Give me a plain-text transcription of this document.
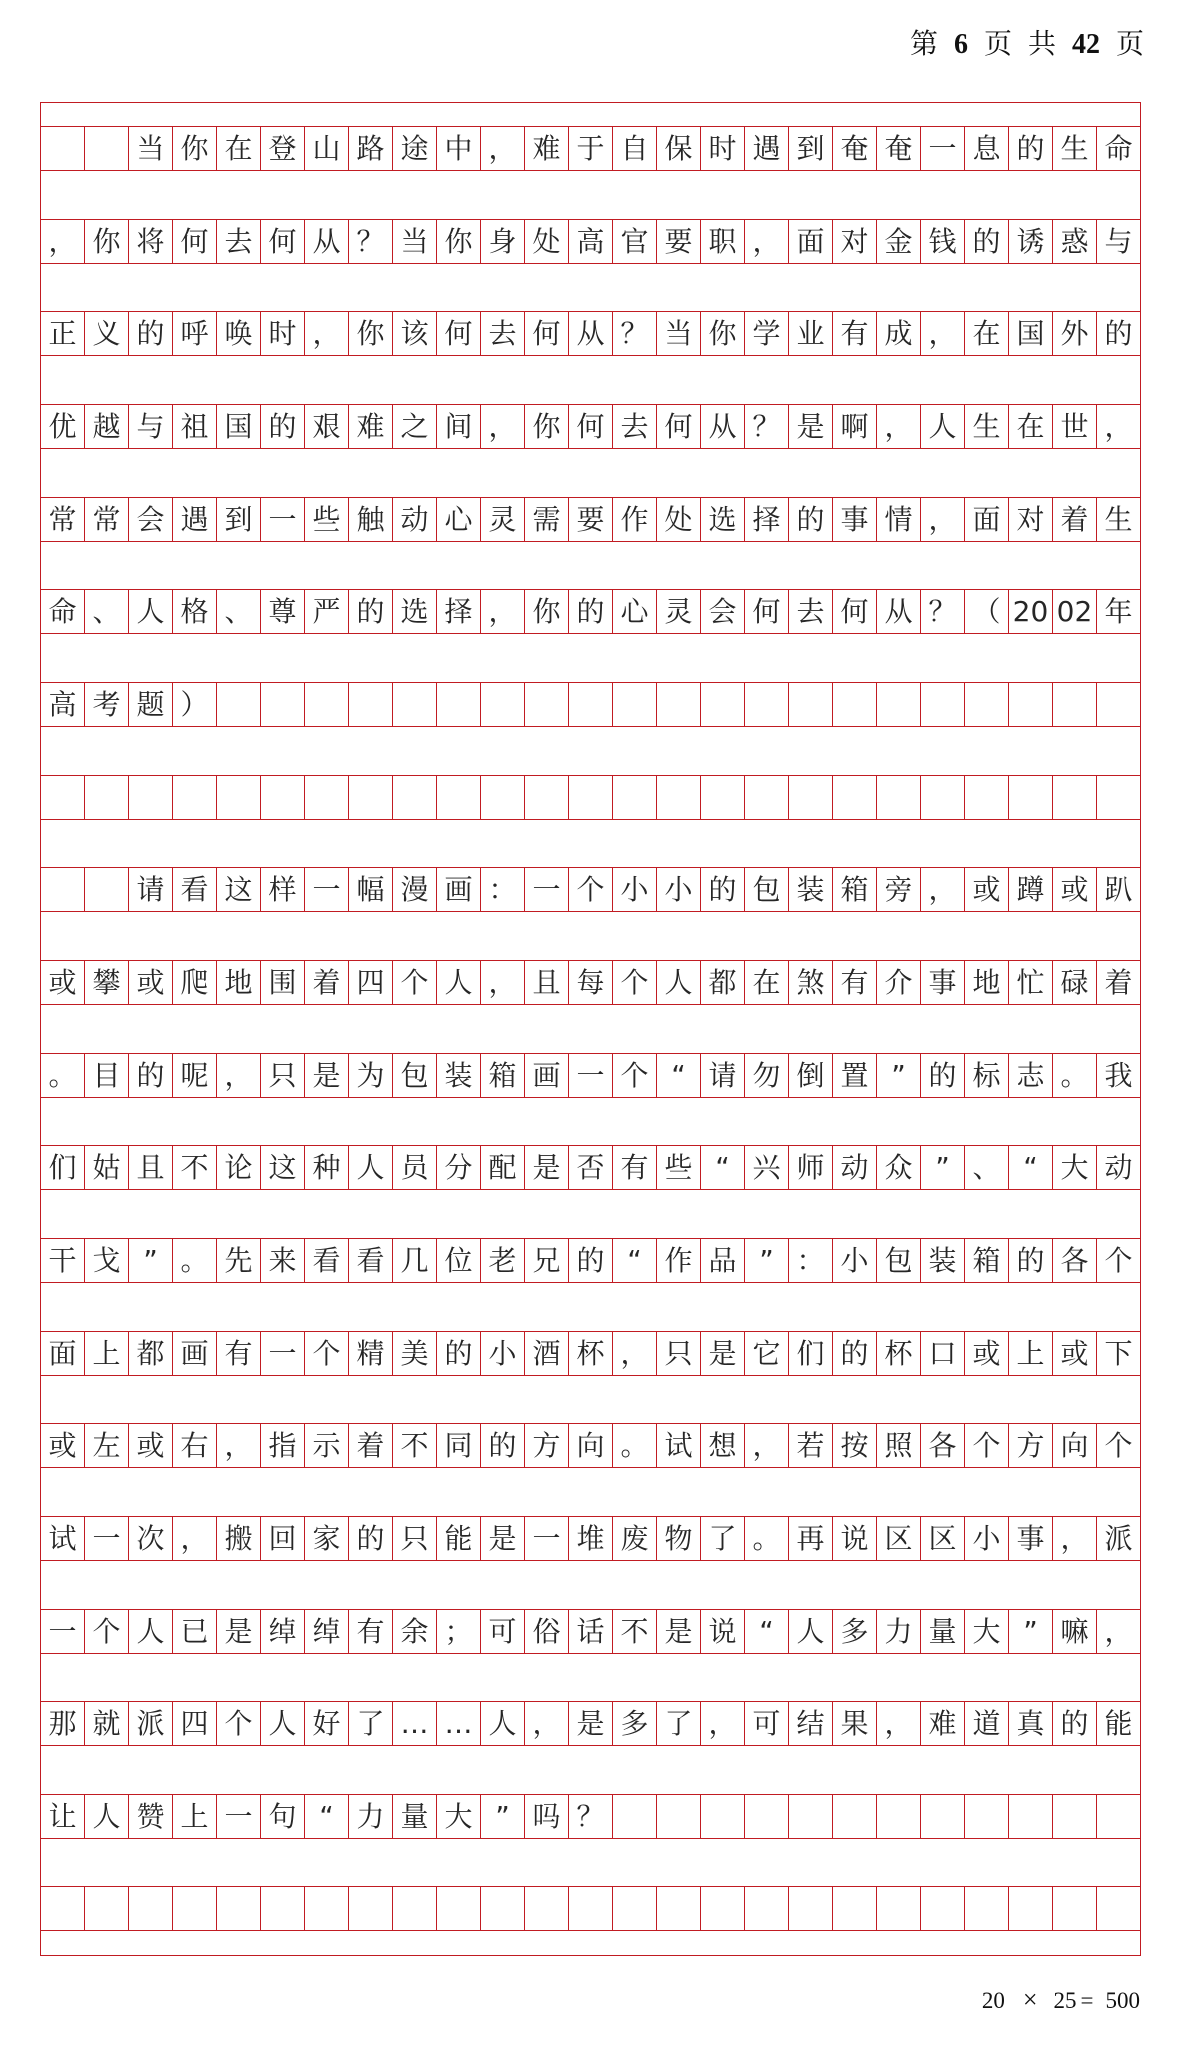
第 6 页 共 42 页
当 你 在 登 山 路 途 中 ， 难 于 自 保 时 遇 到 奄 奄 一 息 的 生 命
， 你 将 何 去 何 从 ？ 当 你 身 处 高 官 要 职 ， 面 对 金 钱 的 诱 惑 与
正 义 的 呼 唤 时 ， 你 该 何 去 何 从 ？ 当 你 学 业 有 成 ， 在 国 外 的
优 越 与 祖 国 的 艰 难 之 间 ， 你 何 去 何 从 ？ 是 啊 ， 人 生 在 世 ，
常 常 会 遇 到 一 些 触 动 心 灵 需 要 作 处 选 择 的 事 情 ， 面 对 着 生
命 、 人 格 、 尊 严 的 选 择 ， 你 的 心 灵 会 何 去 何 从 ？ （ 20 02 年
高 考 题 ）
请 看 这 样 一 幅 漫 画 ： 一 个 小 小 的 包 装 箱 旁 ， 或 蹲 或 趴
或 攀 或 爬 地 围 着 四 个 人 ， 且 每 个 人 都 在 煞 有 介 事 地 忙 碌 着
。 目 的 呢 ， 只 是 为 包 装 箱 画 一 个 “ 请 勿 倒 置 ” 的 标 志 。 我
们 姑 且 不 论 这 种 人 员 分 配 是 否 有 些 “ 兴 师 动 众 ” 、 “ 大 动
干 戈 ” 。 先 来 看 看 几 位 老 兄 的 “ 作 品 ” ： 小 包 装 箱 的 各 个
面 上 都 画 有 一 个 精 美 的 小 酒 杯 ， 只 是 它 们 的 杯 口 或 上 或 下
或 左 或 右 ， 指 示 着 不 同 的 方 向 。 试 想 ， 若 按 照 各 个 方 向 个
试 一 次 ， 搬 回 家 的 只 能 是 一 堆 废 物 了 。 再 说 区 区 小 事 ， 派
一 个 人 已 是 绰 绰 有 余 ； 可 俗 话 不 是 说 “ 人 多 力 量 大 ” 嘛 ，
那 就 派 四 个 人 好 了 … … 人 ， 是 多 了 ， 可 结 果 ， 难 道 真 的 能
让 人 赞 上 一 句 “ 力 量 大 ” 吗 ？
20 × 25 = 500
